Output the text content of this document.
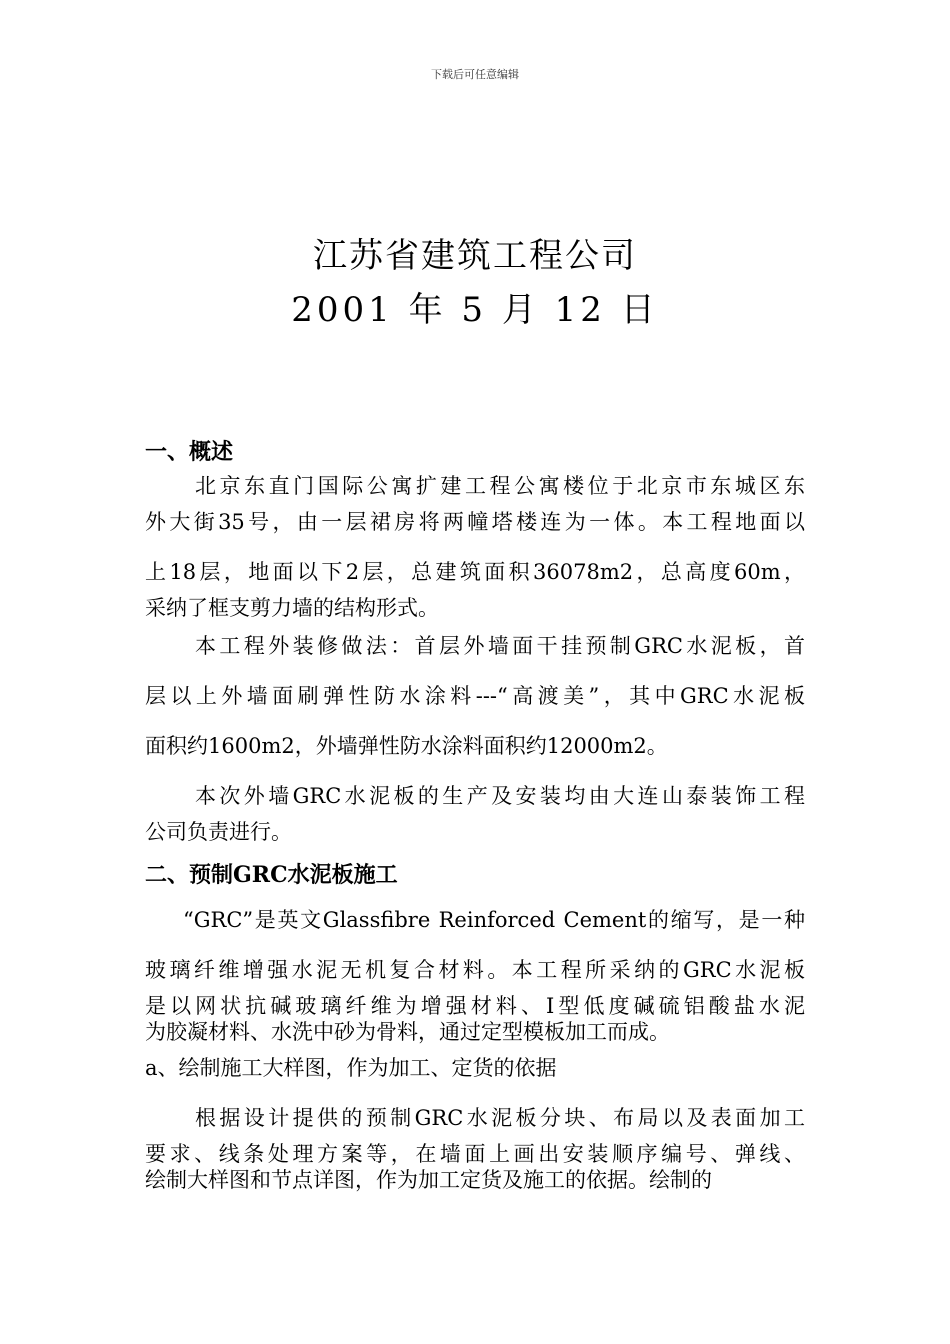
下载后可任意编辑
江苏省建筑工程公司
2001 年 5 月 12 日
一、概述
北京东直门国际公寓扩建工程公寓楼位于北京市东城区东
外大街35号，由一层裙房将两幢塔楼连为一体。本工程地面以
上18层，地面以下2层，总建筑面积36078m2，总高度60m，
采纳了框支剪力墙的结构形式。
本工程外装修做法：首层外墙面干挂预制GRC水泥板，首
层以上外墙面刷弹性防水涂料---“高渡美”，其中GRC水泥板
面积约1600m2，外墙弹性防水涂料面积约12000m2。
本次外墙GRC水泥板的生产及安装均由大连山泰装饰工程
公司负责进行。
二、预制GRC水泥板施工
“GRC”是英文Glassfibre Reinforced Cement的缩写，是一种
玻璃纤维增强水泥无机复合材料。本工程所采纳的GRC水泥板
是以网状抗碱玻璃纤维为增强材料、Ⅰ型低度碱硫铝酸盐水泥
为胶凝材料、水洗中砂为骨料，通过定型模板加工而成。
a、绘制施工大样图，作为加工、定货的依据
根据设计提供的预制GRC水泥板分块、布局以及表面加工
要求、线条处理方案等，在墙面上画出安装顺序编号、弹线、
绘制大样图和节点详图，作为加工定货及施工的依据。绘制的
